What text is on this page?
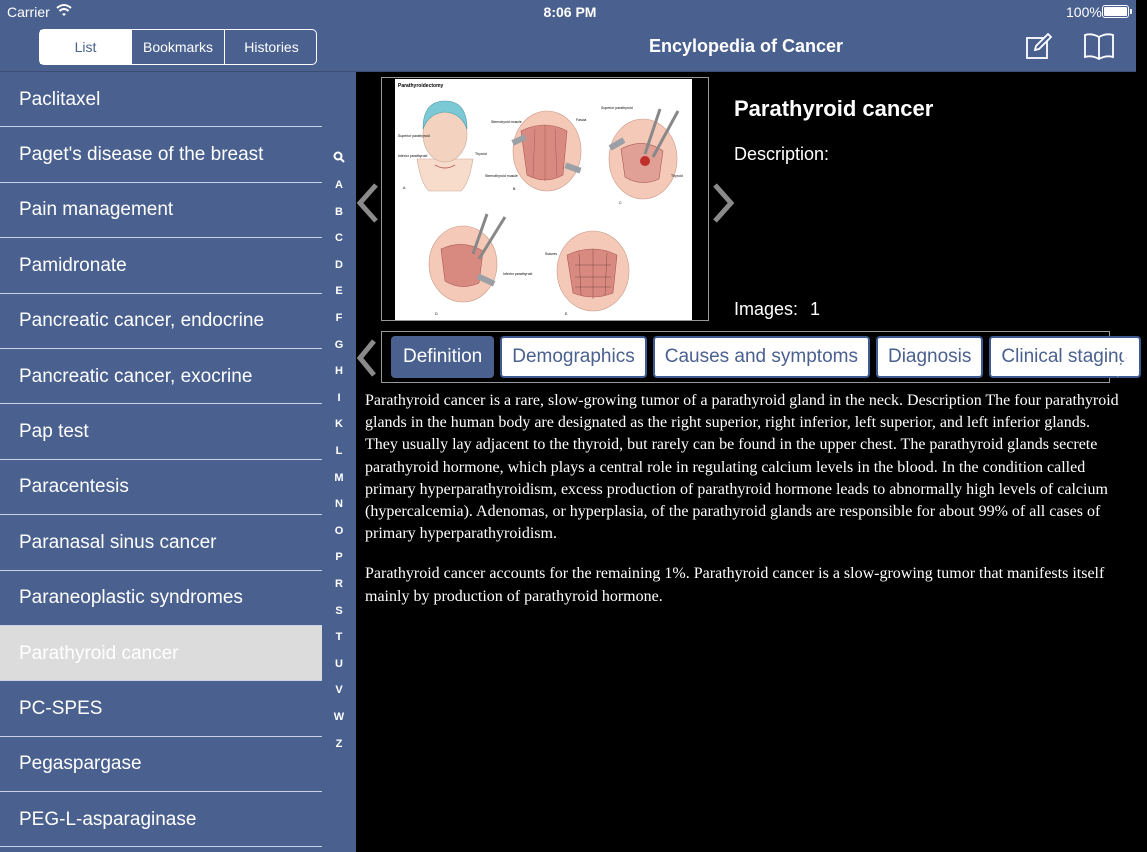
Carrier
List	Bookmarks	Histories
Paclitaxel
Paget's disease of the breast
Pain management
Pamidronate
Pancreatic cancer, endocrine
Pancreatic cancer, exocrine
Pap test
Paracentesis
Paranasal sinus cancer
Paraneoplastic syndromes
Parathyroid cancer
PC-SPES
Pegaspargase
PEG-L-asparaginase
A
B
C
D
E
F
G
H
I
K
L
M
N
O
P
R
S
T
U
V
W
Z
8:06 PM	100%
Encylopedia of Cancer
Parathyroidectomy
Superior parathyroid
Inferior parathyroid	Thyroid
A.
Sternohyoid muscle	Fascia
Sternothyroid muscle
B.
Superior parathyroid
Thyroid
C.
Inferior parathyroid
D.
Sutures
E.
Parathyroid cancer
Description:
Images: 1
Definition	Demographics	Causes and symptoms	Diagnosis	Clinical staging

Parathyroid cancer is a rare, slow-growing tumor of a parathyroid gland in the neck. Description The four parathyroid glands in the human body are designated as the right superior, right inferior, left superior, and left inferior glands. They usually lay adjacent to the thyroid, but rarely can be found in the upper chest. The parathyroid glands secrete parathyroid hormone, which plays a central role in regulating calcium levels in the blood. In the condition called primary hyperparathyroidism, excess production of parathyroid hormone leads to abnormally high levels of calcium (hypercalcemia). Adenomas, or hyperplasia, of the parathyroid glands are responsible for about 99% of all cases of primary hyperparathyroidism.

Parathyroid cancer accounts for the remaining 1%. Parathyroid cancer is a slow-growing tumor that manifests itself mainly by production of parathyroid hormone.
